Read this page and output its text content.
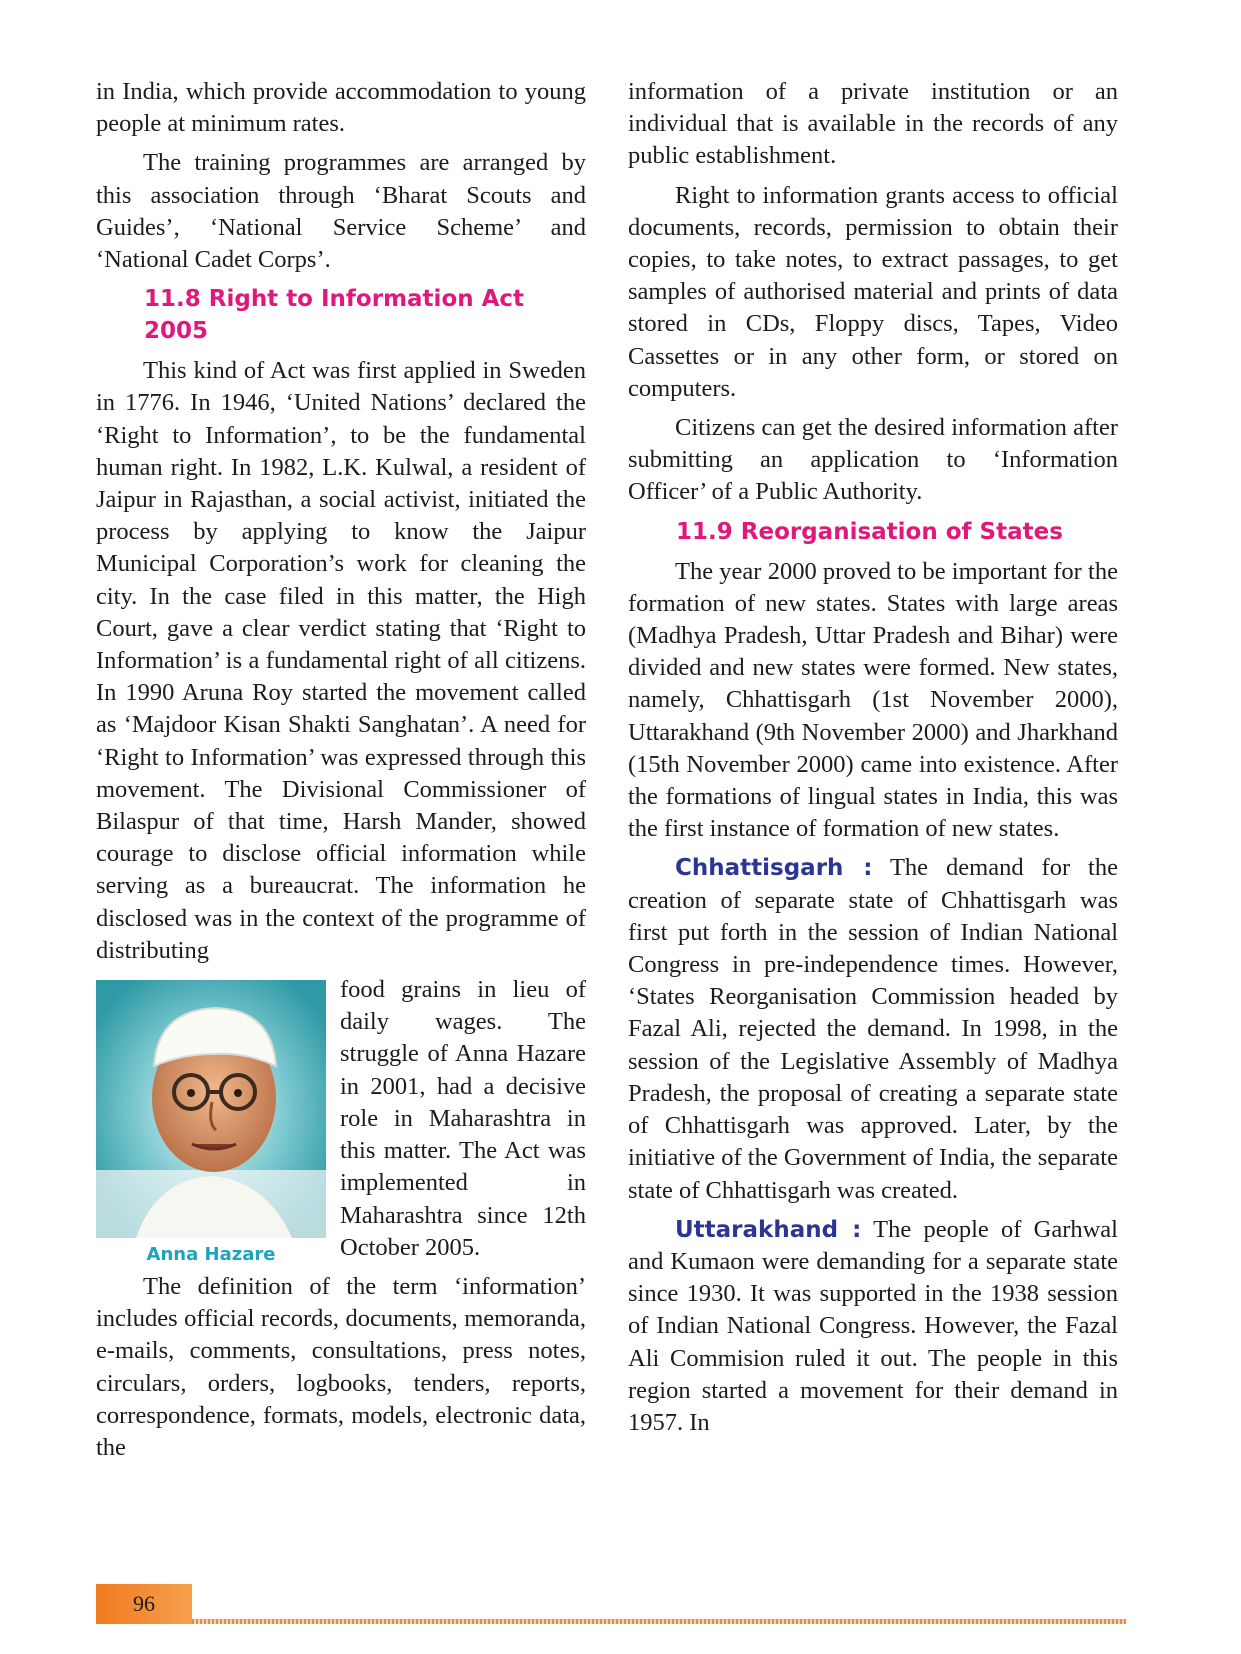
in India, which provide accommodation to young people at minimum rates.

The training programmes are arranged by this association through ‘Bharat Scouts and Guides’, ‘National Service Scheme’ and ‘National Cadet Corps’.

11.8 Right to Information Act 2005

This kind of Act was first applied in Sweden in 1776. In 1946, ‘United Nations’ declared the ‘Right to Information’, to be the fundamental human right. In 1982, L.K. Kulwal, a resident of Jaipur in Rajasthan, a social activist, initiated the process by applying to know the Jaipur Municipal Corporation’s work for cleaning the city. In the case filed in this matter, the High Court, gave a clear verdict stating that ‘Right to Information’ is a fundamental right of all citizens. In 1990 Aruna Roy started the movement called as ‘Majdoor Kisan Shakti Sanghatan’. A need for ‘Right to Information’ was expressed through this movement. The Divisional Commissioner of Bilaspur of that time, Harsh Mander, showed courage to disclose official information while serving as a bureaucrat. The information he disclosed was in the context of the programme of distributing

Anna Hazare

food grains in lieu of daily wages. The struggle of Anna Hazare in 2001, had a decisive role in Maharashtra in this matter. The Act was implemented in Maharashtra since 12th October 2005.

The definition of the term ‘information’ includes official records, documents, memoranda, e-mails, comments, consultations, press notes, circulars, orders, logbooks, tenders, reports, correspondence, formats, models, electronic data, the

information of a private institution or an individual that is available in the records of any public establishment.

Right to information grants access to official documents, records, permission to obtain their copies, to take notes, to extract passages, to get samples of authorised material and prints of data stored in CDs, Floppy discs, Tapes, Video Cassettes or in any other form, or stored on computers.

Citizens can get the desired information after submitting an application to ‘Information Officer’ of a Public Authority.

11.9 Reorganisation of States

The year 2000 proved to be important for the formation of new states. States with large areas (Madhya Pradesh, Uttar Pradesh and Bihar) were divided and new states were formed. New states, namely, Chhattisgarh (1st November 2000), Uttarakhand (9th November 2000) and Jharkhand (15th November 2000) came into existence. After the formations of lingual states in India, this was the first instance of formation of new states.

Chhattisgarh : The demand for the creation of separate state of Chhattisgarh was first put forth in the session of Indian National Congress in pre-independence times. However, ‘States Reorganisation Commission headed by Fazal Ali, rejected the demand. In 1998, in the session of the Legislative Assembly of Madhya Pradesh, the proposal of creating a separate state of Chhattisgarh was approved. Later, by the initiative of the Government of India, the separate state of Chhattisgarh was created.

Uttarakhand : The people of Garhwal and Kumaon were demanding for a separate state since 1930. It was supported in the 1938 session of Indian National Congress. However, the Fazal Ali Commision ruled it out. The people in this region started a movement for their demand in 1957. In

96
